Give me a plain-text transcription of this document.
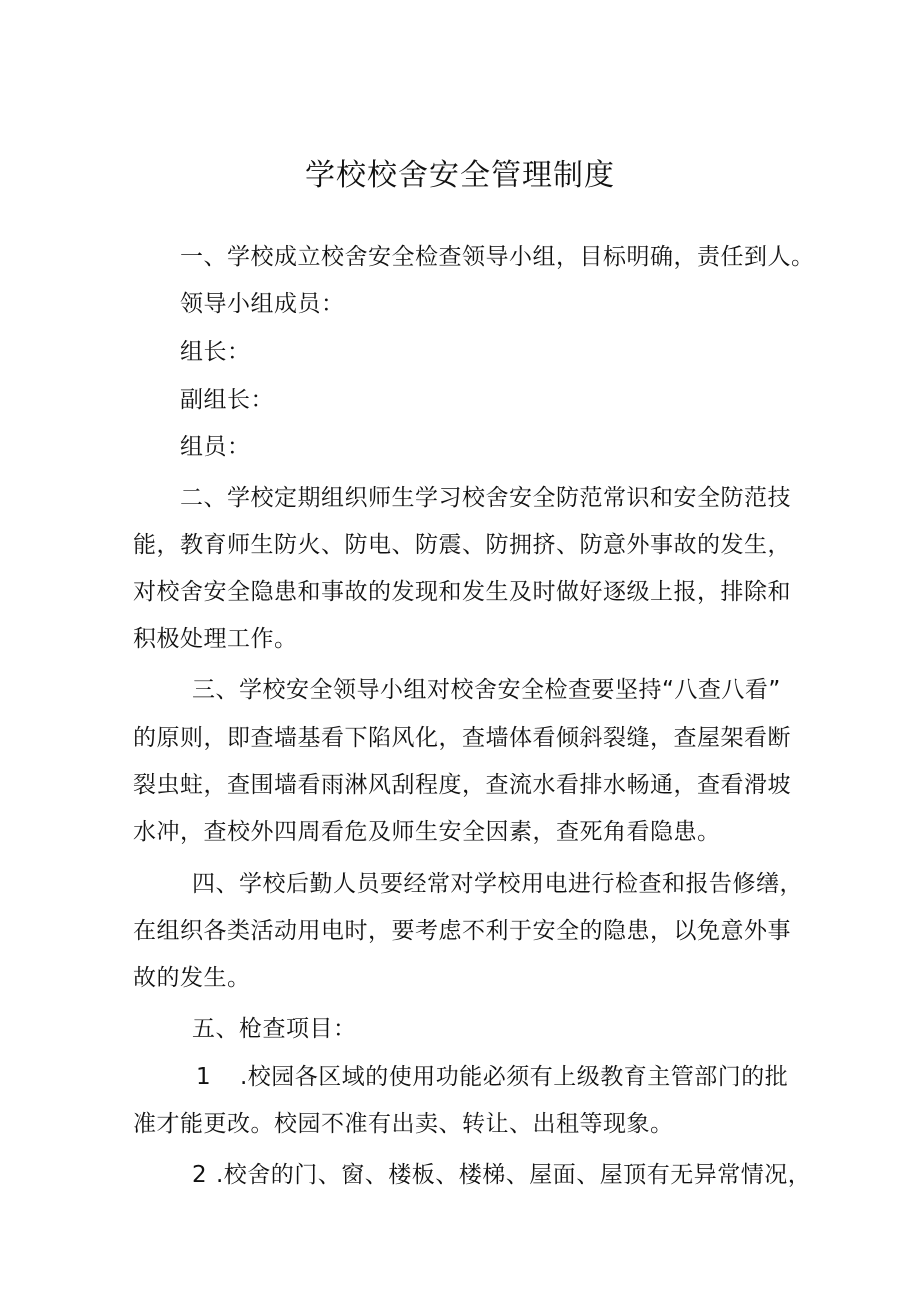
学校校舍安全管理制度
一、学校成立校舍安全检查领导小组，目标明确，责任到人。
领导小组成员：
组长：
副组长：
组员：
二、学校定期组织师生学习校舍安全防范常识和安全防范技
能，教育师生防火、防电、防震、防拥挤、防意外事故的发生，
对校舍安全隐患和事故的发现和发生及时做好逐级上报，排除和
积极处理工作。
三、学校安全领导小组对校舍安全检查要坚持“八查八看”
的原则，即查墙基看下陷风化，查墙体看倾斜裂缝，查屋架看断
裂虫蛀，查围墙看雨淋风刮程度，查流水看排水畅通，查看滑坡
水冲，查校外四周看危及师生安全因素，查死角看隐患。
四、学校后勤人员要经常对学校用电进行检查和报告修缮，
在组织各类活动用电时，要考虑不利于安全的隐患，以免意外事
故的发生。
五、枪查项目：
1 .校园各区域的使用功能必须有上级教育主管部门的批
准才能更改。校园不准有出卖、转让、出租等现象。
2 .校舍的门、窗、楼板、楼梯、屋面、屋顶有无异常情况，
